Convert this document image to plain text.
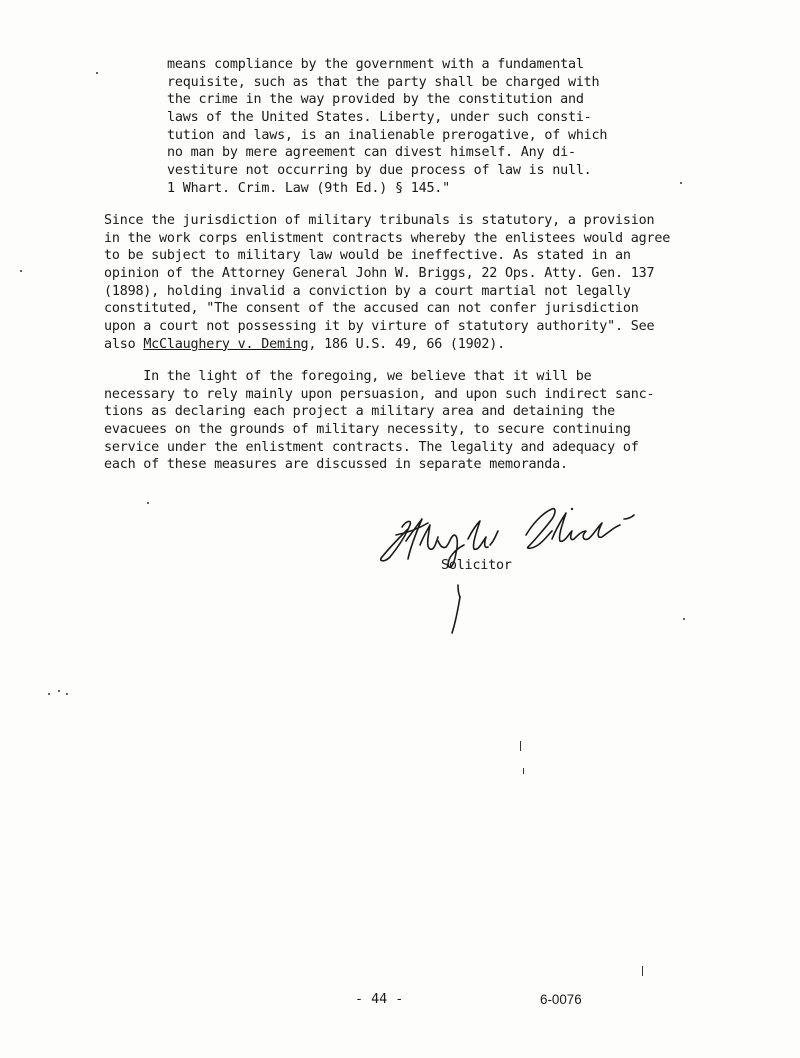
means compliance by the government with a fundamental
requisite, such as that the party shall be charged with
the crime in the way provided by the constitution and
laws of the United States. Liberty, under such consti-
tution and laws, is an inalienable prerogative, of which
no man by mere agreement can divest himself. Any di-
vestiture not occurring by due process of law is null.
1 Whart. Crim. Law (9th Ed.) § 145."
Since the jurisdiction of military tribunals is statutory, a provision
in the work corps enlistment contracts whereby the enlistees would agree
to be subject to military law would be ineffective. As stated in an
opinion of the Attorney General John W. Briggs, 22 Ops. Atty. Gen. 137
(1898), holding invalid a conviction by a court martial not legally
constituted, "The consent of the accused can not confer jurisdiction
upon a court not possessing it by virture of statutory authority". See
also McClaughery v. Deming, 186 U.S. 49, 66 (1902).
In the light of the foregoing, we believe that it will be
necessary to rely mainly upon persuasion, and upon such indirect sanc-
tions as declaring each project a military area and detaining the
evacuees on the grounds of military necessity, to secure continuing
service under the enlistment contracts. The legality and adequacy of
each of these measures are discussed in separate memoranda.
Solicitor
- 44 -	6-0076
